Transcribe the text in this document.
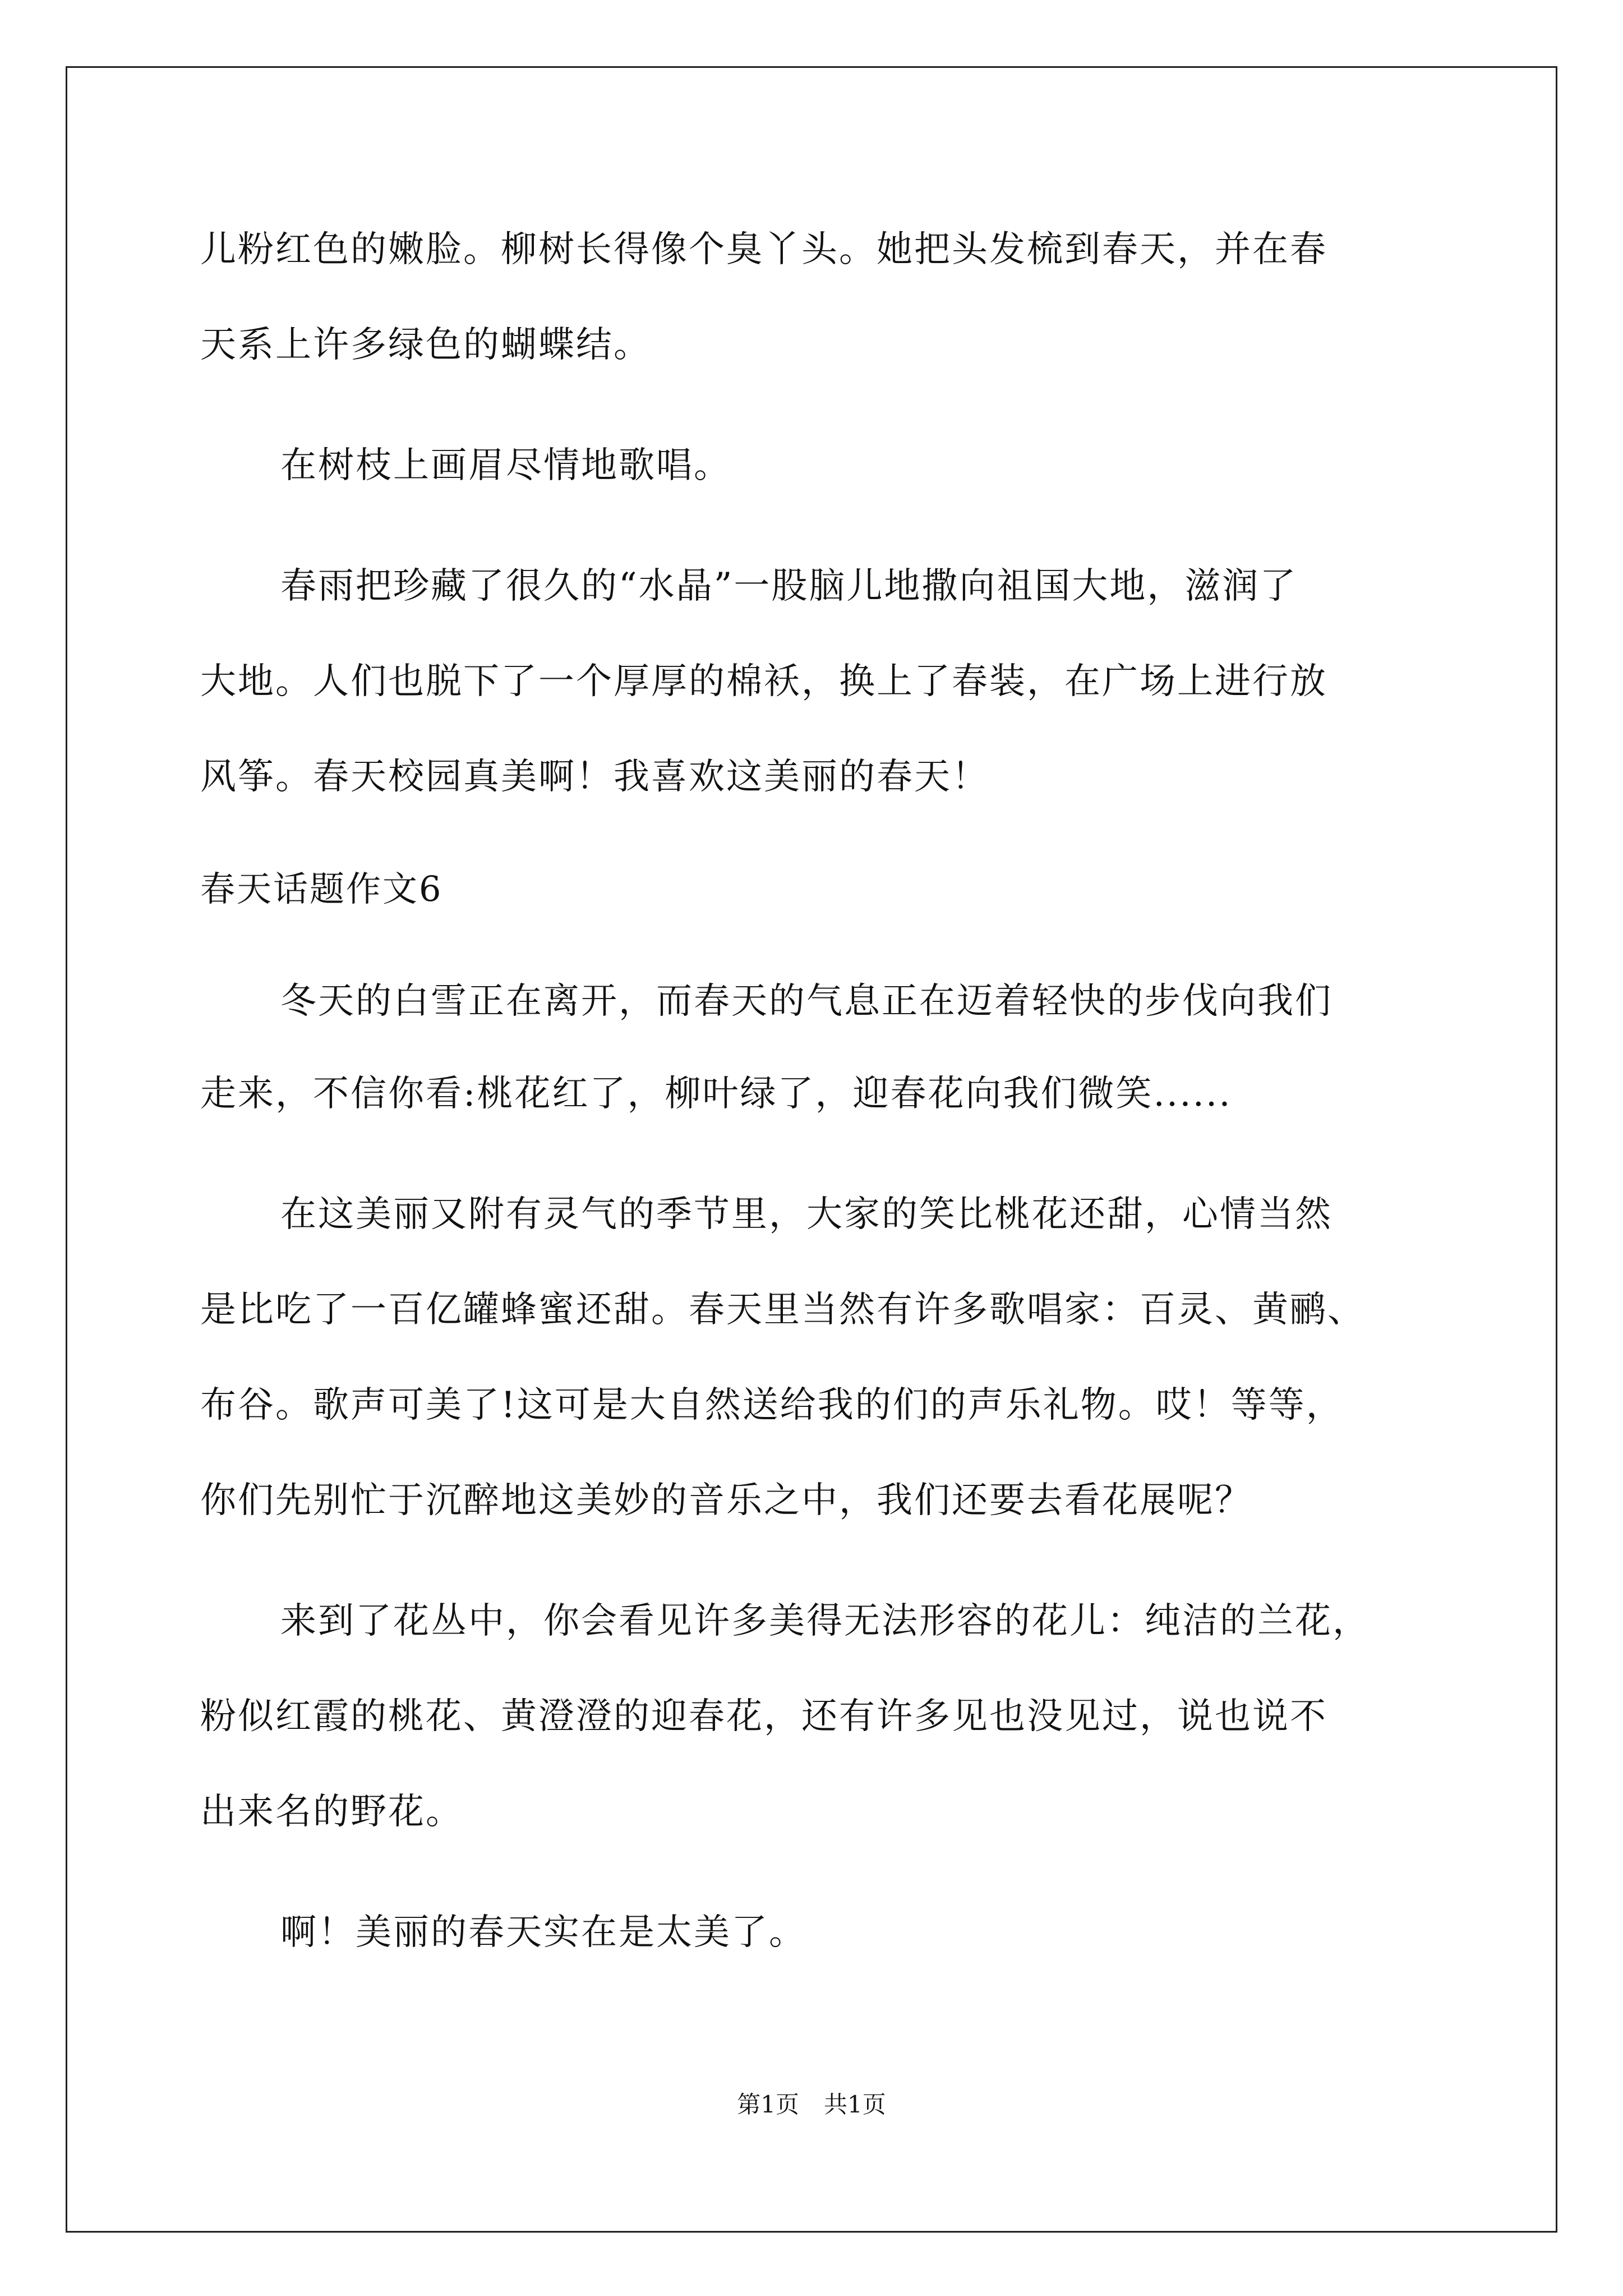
儿粉红色的嫩脸。柳树长得像个臭丫头。她把头发梳到春天，并在春
天系上许多绿色的蝴蝶结。
在树枝上画眉尽情地歌唱。
春雨把珍藏了很久的“水晶”一股脑儿地撒向祖国大地，滋润了
大地。人们也脱下了一个厚厚的棉袄，换上了春装，在广场上进行放
风筝。春天校园真美啊！我喜欢这美丽的春天！
春天话题作文6
冬天的白雪正在离开，而春天的气息正在迈着轻快的步伐向我们
走来，不信你看:桃花红了，柳叶绿了，迎春花向我们微笑......
在这美丽又附有灵气的季节里，大家的笑比桃花还甜，心情当然
是比吃了一百亿罐蜂蜜还甜。春天里当然有许多歌唱家：百灵、黄鹂、
布谷。歌声可美了!这可是大自然送给我的们的声乐礼物。哎！等等，
你们先别忙于沉醉地这美妙的音乐之中，我们还要去看花展呢？
来到了花丛中，你会看见许多美得无法形容的花儿：纯洁的兰花，
粉似红霞的桃花、黄澄澄的迎春花，还有许多见也没见过，说也说不
出来名的野花。
啊！美丽的春天实在是太美了。
第1页 共1页
